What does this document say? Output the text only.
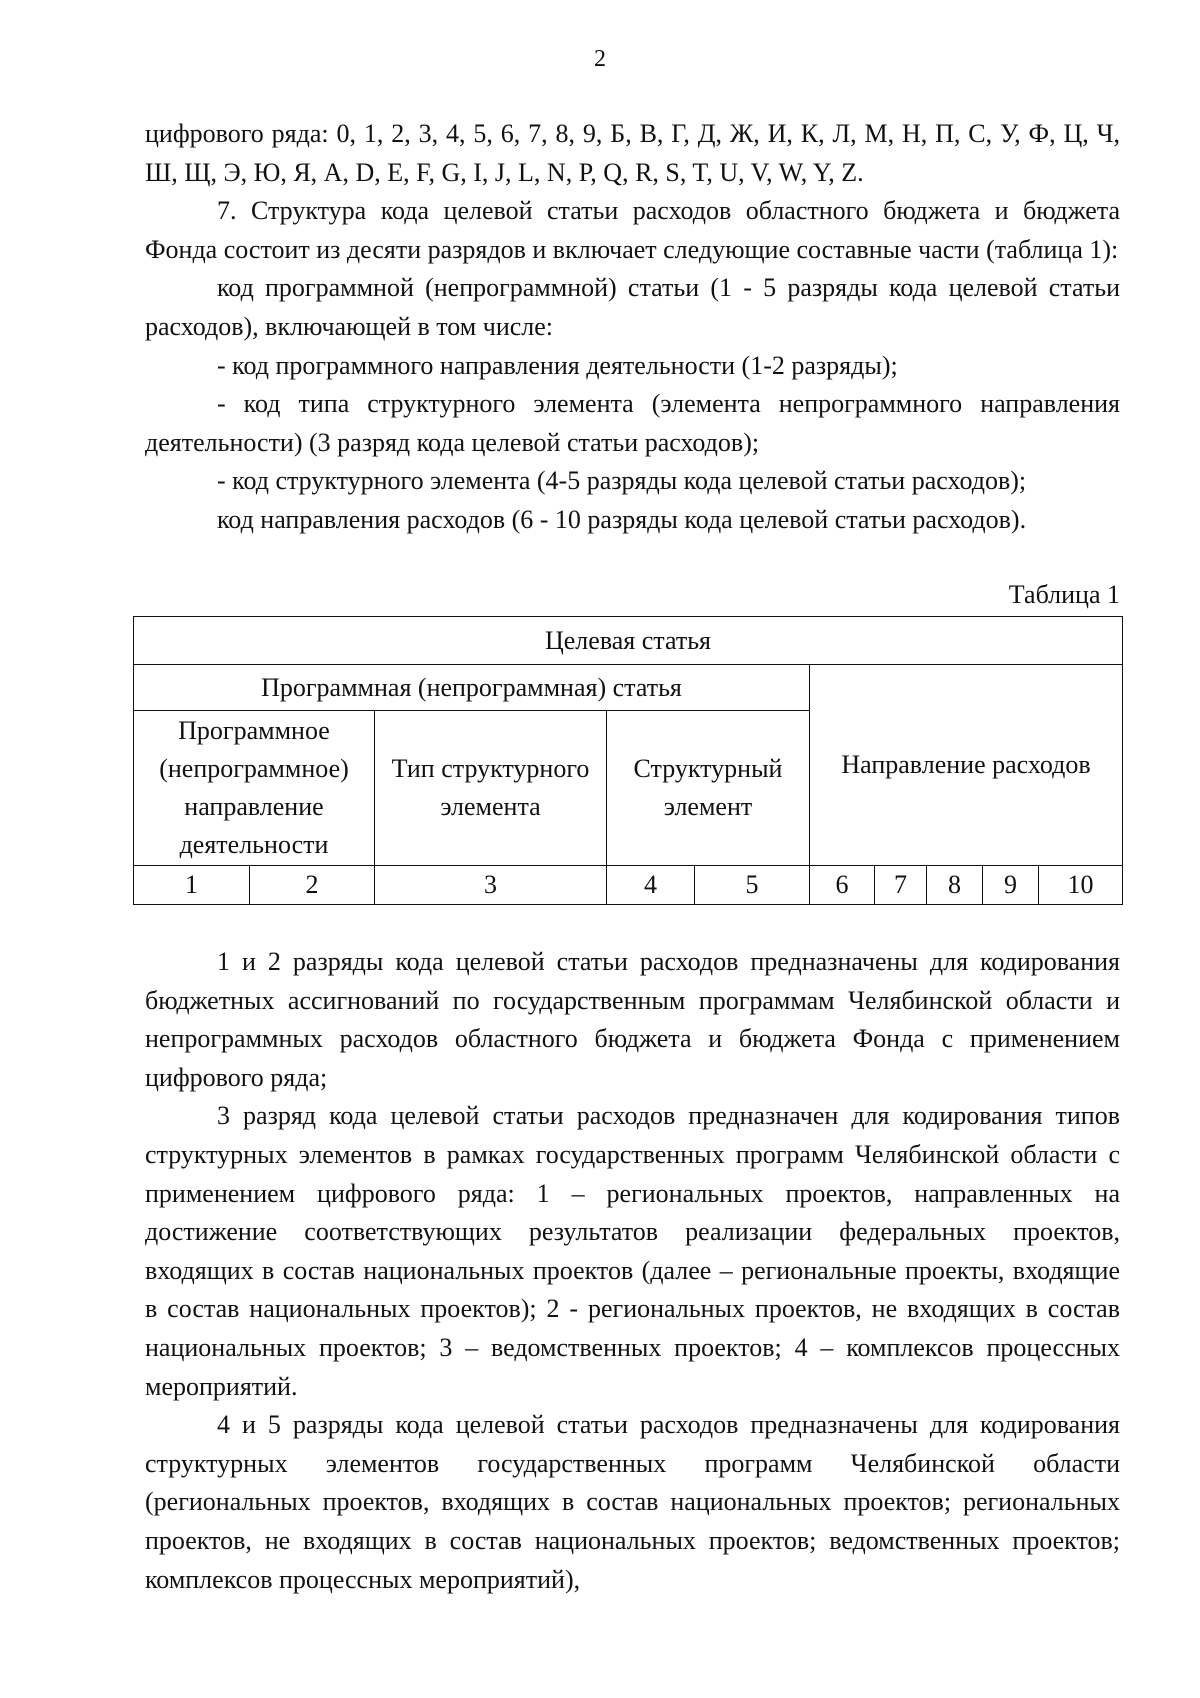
2

цифрового ряда: 0, 1, 2, 3, 4, 5, 6, 7, 8, 9, Б, В, Г, Д, Ж, И, К, Л, М, Н, П, С, У, Ф, Ц, Ч, Ш, Щ, Э, Ю, Я, A, D, E, F, G, I, J, L, N, P, Q, R, S, T, U, V, W, Y, Z.

7. Структура кода целевой статьи расходов областного бюджета и бюджета Фонда состоит из десяти разрядов и включает следующие составные части (таблица 1):

код программной (непрограммной) статьи (1 - 5 разряды кода целевой статьи расходов), включающей в том числе:

- код программного направления деятельности (1-2 разряды);

- код типа структурного элемента (элемента непрограммного направления деятельности) (3 разряд кода целевой статьи расходов);

- код структурного элемента (4-5 разряды кода целевой статьи расходов);

код направления расходов (6 - 10 разряды кода целевой статьи расходов).

Таблица 1
Целевая статья									
Программная (непрограммная) статья					Направление расходов				
Программное (непрограммное) направление деятельности		Тип структурного элемента	Структурный элемент						
1	2	3	4	5	6	7	8	9	10

1 и 2 разряды кода целевой статьи расходов предназначены для кодирования бюджетных ассигнований по государственным программам Челябинской области и непрограммных расходов областного бюджета и бюджета Фонда с применением цифрового ряда;

3 разряд кода целевой статьи расходов предназначен для кодирования типов структурных элементов в рамках государственных программ Челябинской области с применением цифрового ряда: 1 – региональных проектов, направленных на достижение соответствующих результатов реализации федеральных проектов, входящих в состав национальных проектов (далее – региональные проекты, входящие в состав национальных проектов); 2 - региональных проектов, не входящих в состав национальных проектов; 3 – ведомственных проектов; 4 – комплексов процессных мероприятий.

4 и 5 разряды кода целевой статьи расходов предназначены для кодирования структурных элементов государственных программ Челябинской области (региональных проектов, входящих в состав национальных проектов; региональных проектов, не входящих в состав национальных проектов; ведомственных проектов; комплексов процессных мероприятий),
